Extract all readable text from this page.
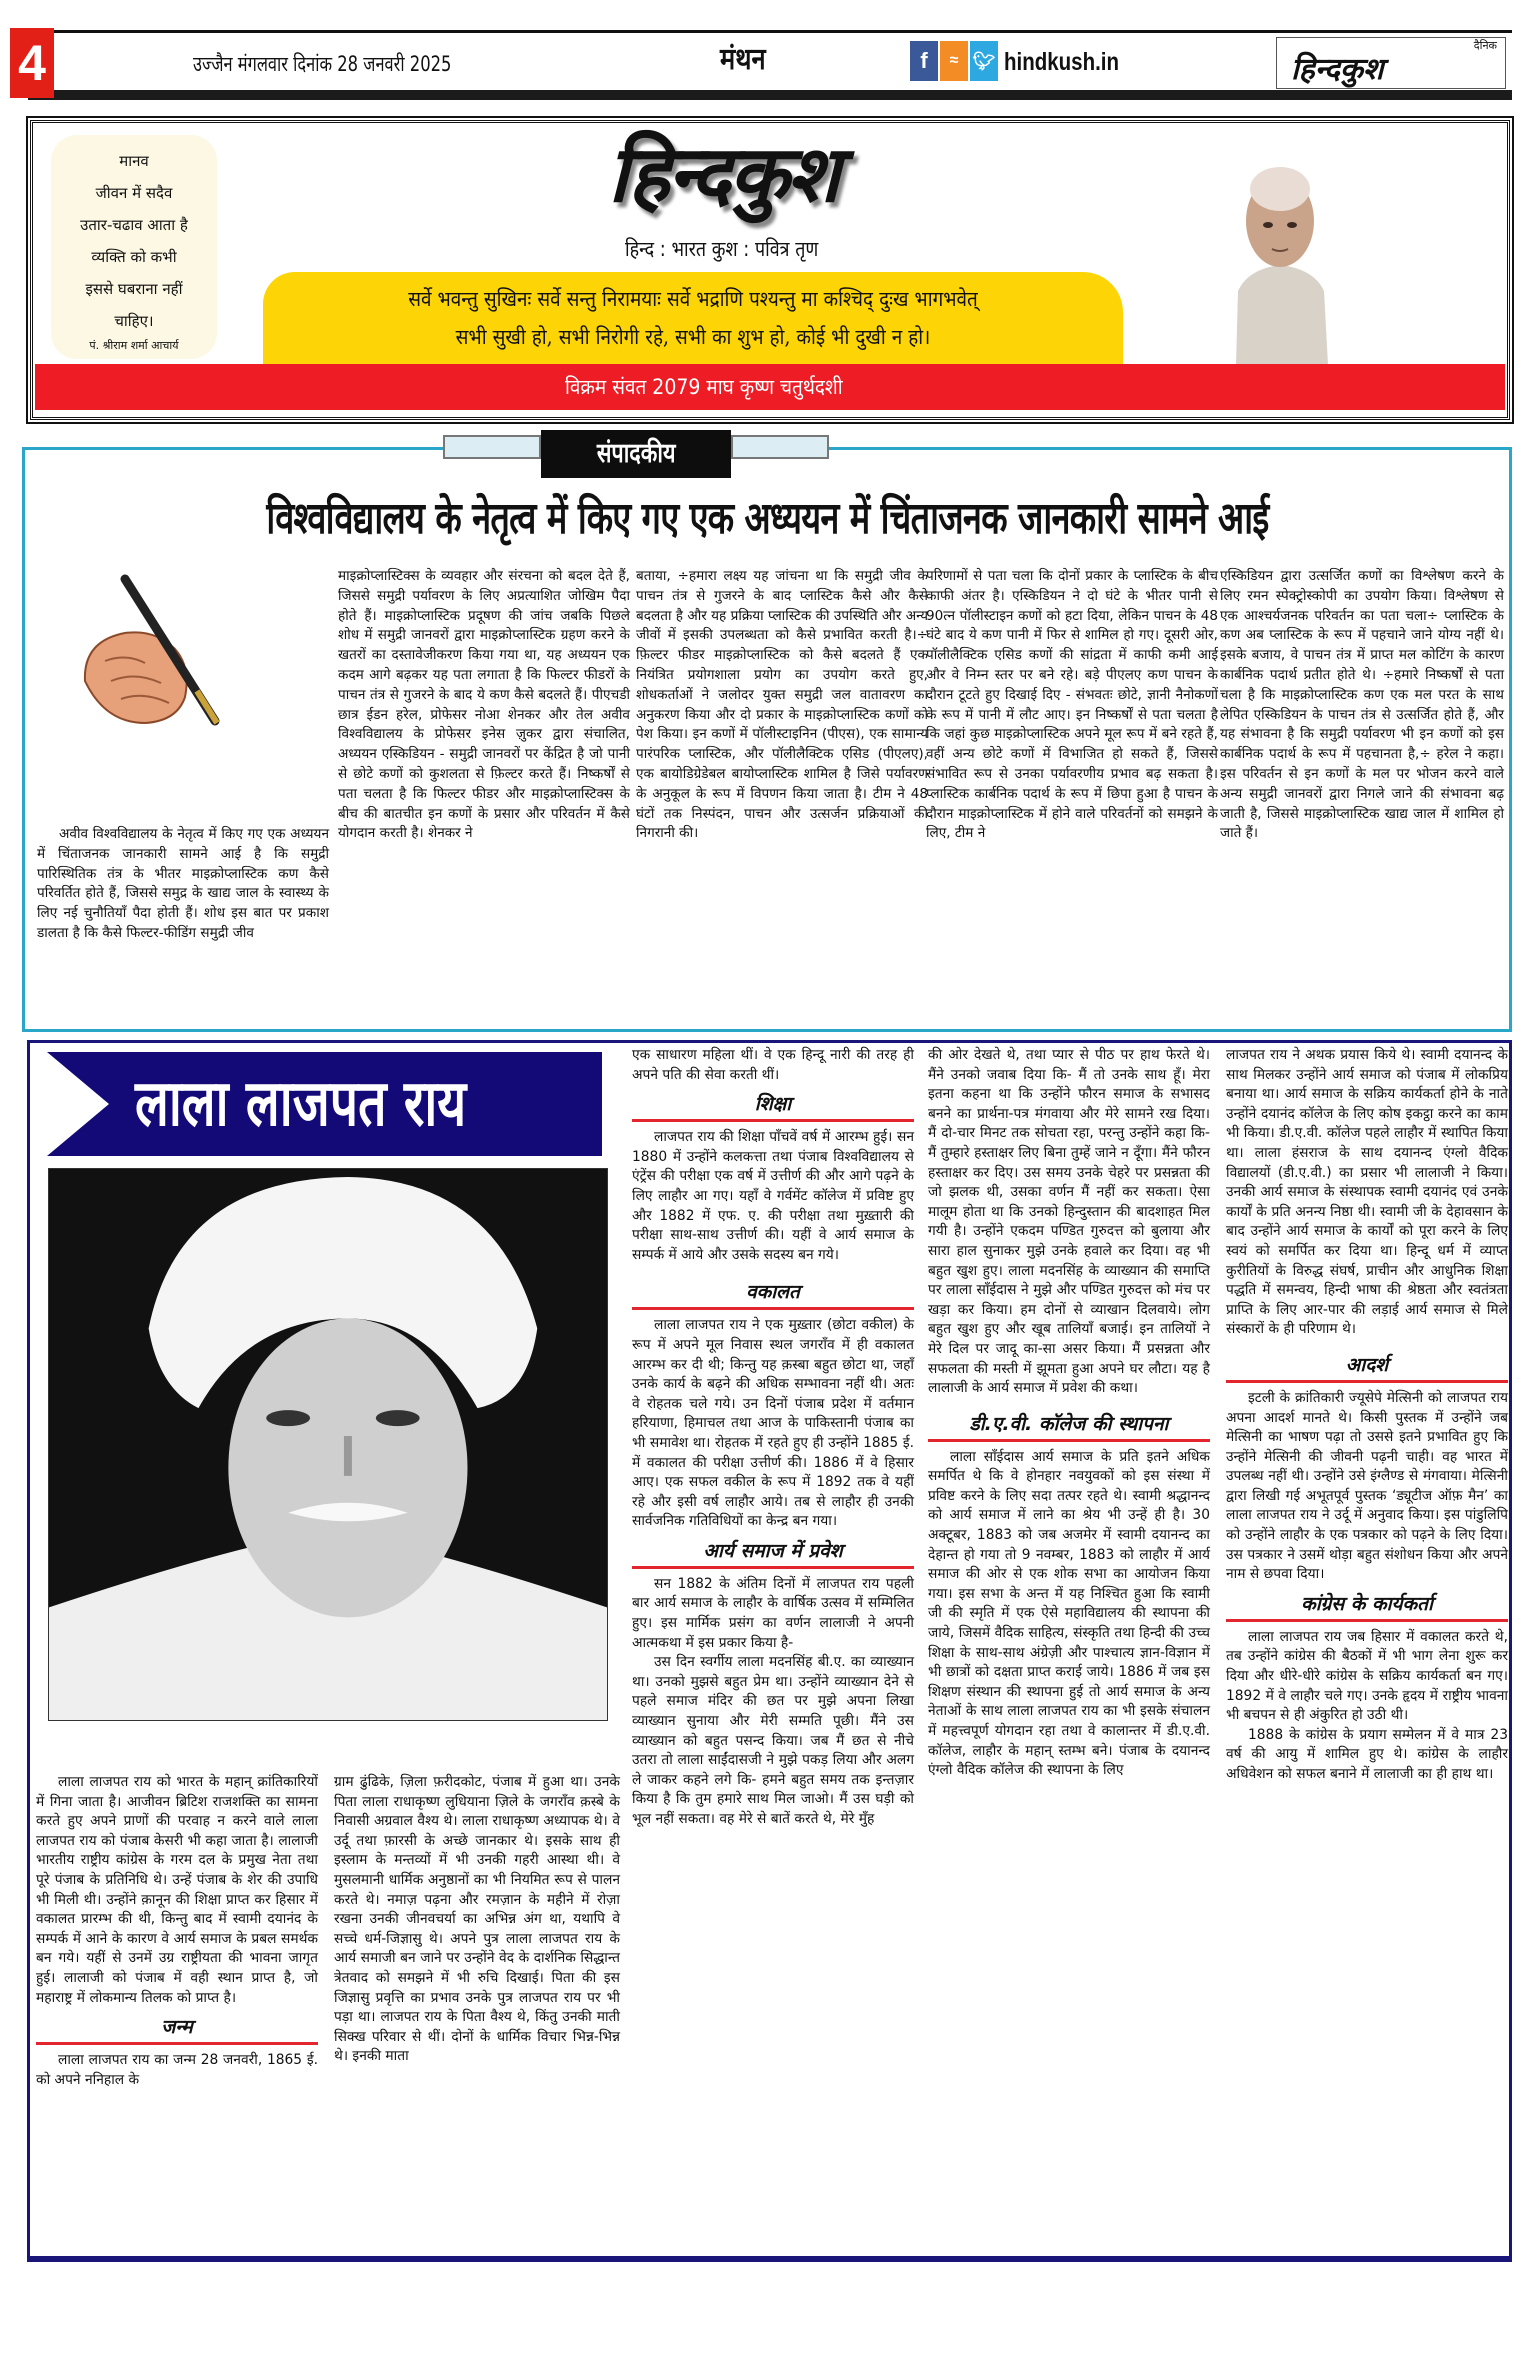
4	उज्जैन मंगलवार दिनांक 28 जनवरी 2025	मंथन	f	≈ 🐦︎ hindkush.in
दैनिक
हिन्दकुश
मानव
जीवन में सदैव
उतार-चढाव आता है
व्यक्ति को कभी
इससे घबराना नहीं
चाहिए।
पं. श्रीराम शर्मा आचार्य
हिन्दकुश
हिन्द : भारत कुश : पवित्र तृण
सर्वे भवन्तु सुखिनः सर्वे सन्तु निरामयाः सर्वे भद्राणि पश्यन्तु मा कश्चिद् दुःख भागभवेत्
सभी सुखी हो, सभी निरोगी रहे, सभी का शुभ हो, कोई भी दुखी न हो।
विक्रम संवत 2079 माघ कृष्ण चतुर्थदशी
संपादकीय
विश्वविद्यालय के नेतृत्व में किए गए एक अध्ययन में चिंताजनक जानकारी सामने आई

अवीव विश्वविद्यालय के नेतृत्व में किए गए एक अध्ययन में चिंताजनक जानकारी सामने आई है कि समुद्री पारिस्थितिक तंत्र के भीतर माइक्रोप्लास्टिक कण कैसे परिवर्तित होते हैं, जिससे समुद्र के खाद्य जाल के स्वास्थ्य के लिए नई चुनौतियाँ पैदा होती हैं। शोध इस बात पर प्रकाश डालता है कि कैसे फिल्टर-फीडिंग समुद्री जीव

माइक्रोप्लास्टिक्स के व्यवहार और संरचना को बदल देते हैं, जिससे समुद्री पर्यावरण के लिए अप्रत्याशित जोखिम पैदा होते हैं। माइक्रोप्लास्टिक प्रदूषण की जांच जबकि पिछले शोध में समुद्री जानवरों द्वारा माइक्रोप्लास्टिक ग्रहण करने के खतरों का दस्तावेजीकरण किया गया था, यह अध्ययन एक कदम आगे बढ़कर यह पता लगाता है कि फिल्टर फीडरों के पाचन तंत्र से गुजरने के बाद ये कण कैसे बदलते हैं। पीएचडी छात्र ईडन हरेल, प्रोफेसर नोआ शेनकर और तेल अवीव विश्वविद्यालय के प्रोफेसर इनेस ज़ुकर द्वारा संचालित, अध्ययन एस्किडियन - समुद्री जानवरों पर केंद्रित है जो पानी से छोटे कणों को कुशलता से फ़िल्टर करते हैं। निष्कर्षों से पता चलता है कि फिल्टर फीडर और माइक्रोप्लास्टिक्स के बीच की बातचीत इन कणों के प्रसार और परिवर्तन में कैसे योगदान करती है। शेनकर ने

बताया, ÷हमारा लक्ष्य यह जांचना था कि समुद्री जीव के पाचन तंत्र से गुजरने के बाद प्लास्टिक कैसे और कैसे बदलता है और यह प्रक्रिया प्लास्टिक की उपस्थिति और अन्य जीवों में इसकी उपलब्धता को कैसे प्रभावित करती है।÷ फ़िल्टर फीडर माइक्रोप्लास्टिक को कैसे बदलते हैं एक नियंत्रित प्रयोगशाला प्रयोग का उपयोग करते हुए, शोधकर्ताओं ने जलोदर युक्त समुद्री जल वातावरण का अनुकरण किया और दो प्रकार के माइक्रोप्लास्टिक कणों को पेश किया। इन कणों में पॉलीस्टाइनिन (पीएस), एक सामान्य पारंपरिक प्लास्टिक, और पॉलीलैक्टिक एसिड (पीएलए), एक बायोडिग्रेडेबल बायोप्लास्टिक शामिल है जिसे पर्यावरण के अनुकूल के रूप में विपणन किया जाता है। टीम ने 48 घंटों तक निस्पंदन, पाचन और उत्सर्जन प्रक्रियाओं की निगरानी की।

परिणामों से पता चला कि दोनों प्रकार के प्लास्टिक के बीच काफी अंतर है। एस्किडियन ने दो घंटे के भीतर पानी से 90त्न पॉलीस्टाइन कणों को हटा दिया, लेकिन पाचन के 48 घंटे बाद ये कण पानी में फिर से शामिल हो गए। दूसरी ओर, पॉलीलैक्टिक एसिड कणों की सांद्रता में काफी कमी आई और वे निम्न स्तर पर बने रहे। बड़े पीएलए कण पाचन के दौरान टूटते हुए दिखाई दिए - संभवतः छोटे, ज्ञानी नैनोकणों के रूप में पानी में लौट आए। इन निष्कर्षों से पता चलता है कि जहां कुछ माइक्रोप्लास्टिक अपने मूल रूप में बने रहते हैं, वहीं अन्य छोटे कणों में विभाजित हो सकते हैं, जिससे संभावित रूप से उनका पर्यावरणीय प्रभाव बढ़ सकता है। प्लास्टिक कार्बनिक पदार्थ के रूप में छिपा हुआ है पाचन के दौरान माइक्रोप्लास्टिक में होने वाले परिवर्तनों को समझने के लिए, टीम ने

एस्किडियन द्वारा उत्सर्जित कणों का विश्लेषण करने के लिए रमन स्पेक्ट्रोस्कोपी का उपयोग किया। विश्लेषण से एक आश्चर्यजनक परिवर्तन का पता चला÷ प्लास्टिक के कण अब प्लास्टिक के रूप में पहचाने जाने योग्य नहीं थे। इसके बजाय, वे पाचन तंत्र में प्राप्त मल कोटिंग के कारण कार्बनिक पदार्थ प्रतीत होते थे। ÷हमारे निष्कर्षों से पता चला है कि माइक्रोप्लास्टिक कण एक मल परत के साथ लेपित एस्किडियन के पाचन तंत्र से उत्सर्जित होते हैं, और यह संभावना है कि समुद्री पर्यावरण भी इन कणों को इस कार्बनिक पदार्थ के रूप में पहचानता है,÷ हरेल ने कहा। इस परिवर्तन से इन कणों के मल पर भोजन करने वाले अन्य समुद्री जानवरों द्वारा निगले जाने की संभावना बढ़ जाती है, जिससे माइक्रोप्लास्टिक खाद्य जाल में शामिल हो जाते हैं।

लाला लाजपत राय

लाला लाजपत राय को भारत के महान् क्रांतिकारियों में गिना जाता है। आजीवन ब्रिटिश राजशक्ति का सामना करते हुए अपने प्राणों की परवाह न करने वाले लाला लाजपत राय को पंजाब केसरी भी कहा जाता है। लालाजी भारतीय राष्ट्रीय कांग्रेस के गरम दल के प्रमुख नेता तथा पूरे पंजाब के प्रतिनिधि थे। उन्हें पंजाब के शेर की उपाधि भी मिली थी। उन्होंने क़ानून की शिक्षा प्राप्त कर हिसार में वकालत प्रारम्भ की थी, किन्तु बाद में स्वामी दयानंद के सम्पर्क में आने के कारण वे आर्य समाज के प्रबल समर्थक बन गये। यहीं से उनमें उग्र राष्ट्रीयता की भावना जागृत हुई। लालाजी को पंजाब में वही स्थान प्राप्त है, जो महाराष्ट्र में लोकमान्य तिलक को प्राप्त है।

जन्म

लाला लाजपत राय का जन्म 28 जनवरी, 1865 ई. को अपने ननिहाल के

ग्राम ढुंढिके, ज़िला फ़रीदकोट, पंजाब में हुआ था। उनके पिता लाला राधाकृष्ण लुधियाना ज़िले के जगराँव क़स्बे के निवासी अग्रवाल वैश्य थे। लाला राधाकृष्ण अध्यापक थे। वे उर्दू तथा फ़ारसी के अच्छे जानकार थे। इसके साथ ही इस्लाम के मन्तव्यों में भी उनकी गहरी आस्था थी। वे मुसलमानी धार्मिक अनुष्ठानों का भी नियमित रूप से पालन करते थे। नमाज़ पढ़ना और रमज़ान के महीने में रोज़ा रखना उनकी जीनवचर्या का अभिन्न अंग था, यथापि वे सच्चे धर्म-जिज्ञासु थे। अपने पुत्र लाला लाजपत राय के आर्य समाजी बन जाने पर उन्होंने वेद के दार्शनिक सिद्धान्त त्रेतवाद को समझने में भी रुचि दिखाई। पिता की इस जिज्ञासु प्रवृत्ति का प्रभाव उनके पुत्र लाजपत राय पर भी पड़ा था। लाजपत राय के पिता वैश्य थे, किंतु उनकी माती सिक्ख परिवार से थीं। दोनों के धार्मिक विचार भिन्न-भिन्न थे। इनकी माता

एक साधारण महिला थीं। वे एक हिन्दू नारी की तरह ही अपने पति की सेवा करती थीं।

शिक्षा

लाजपत राय की शिक्षा पाँचवें वर्ष में आरम्भ हुई। सन 1880 में उन्होंने कलकत्ता तथा पंजाब विश्वविद्यालय से एंट्रेंस की परीक्षा एक वर्ष में उत्तीर्ण की और आगे पढ़ने के लिए लाहौर आ गए। यहाँ वे गर्वमेंट कॉलेज में प्रविष्ट हुए और 1882 में एफ. ए. की परीक्षा तथा मुख़्तारी की परीक्षा साथ-साथ उत्तीर्ण की। यहीं वे आर्य समाज के सम्पर्क में आये और उसके सदस्य बन गये।

वकालत

लाला लाजपत राय ने एक मुख़्तार (छोटा वकील) के रूप में अपने मूल निवास स्थल जगराँव में ही वकालत आरम्भ कर दी थी; किन्तु यह क़स्बा बहुत छोटा था, जहाँ उनके कार्य के बढ़ने की अधिक सम्भावना नहीं थी। अतः वे रोहतक चले गये। उन दिनों पंजाब प्रदेश में वर्तमान हरियाणा, हिमाचल तथा आज के पाकिस्तानी पंजाब का भी समावेश था। रोहतक में रहते हुए ही उन्होंने 1885 ई. में वकालत की परीक्षा उत्तीर्ण की। 1886 में वे हिसार आए। एक सफल वकील के रूप में 1892 तक वे यहीं रहे और इसी वर्ष लाहौर आये। तब से लाहौर ही उनकी सार्वजनिक गतिविधियों का केन्द्र बन गया।

आर्य समाज में प्रवेश

सन 1882 के अंतिम दिनों में लाजपत राय पहली बार आर्य समाज के लाहौर के वार्षिक उत्सव में सम्मिलित हुए। इस मार्मिक प्रसंग का वर्णन लालाजी ने अपनी आत्मकथा में इस प्रकार किया है-

उस दिन स्वर्गीय लाला मदनसिंह बी.ए. का व्याख्यान था। उनको मुझसे बहुत प्रेम था। उन्होंने व्याख्यान देने से पहले समाज मंदिर की छत पर मुझे अपना लिखा व्याख्यान सुनाया और मेरी सम्मति पूछी। मैंने उस व्याख्यान को बहुत पसन्द किया। जब मैं छत से नीचे उतरा तो लाला साईंदासजी ने मुझे पकड़ लिया और अलग ले जाकर कहने लगे कि- हमने बहुत समय तक इन्तज़ार किया है कि तुम हमारे साथ मिल जाओ। मैं उस घड़ी को भूल नहीं सकता। वह मेरे से बातें करते थे, मेरे मुँह

की ओर देखते थे, तथा प्यार से पीठ पर हाथ फेरते थे। मैंने उनको जवाब दिया कि- मैं तो उनके साथ हूँ। मेरा इतना कहना था कि उन्होंने फौरन समाज के सभासद बनने का प्रार्थना-पत्र मंगवाया और मेरे सामने रख दिया। मैं दो-चार मिनट तक सोचता रहा, परन्तु उन्होंने कहा कि- मैं तुम्हारे हस्ताक्षर लिए बिना तुम्हें जाने न दूँगा। मैंने फौरन हस्ताक्षर कर दिए। उस समय उनके चेहरे पर प्रसन्नता की जो झलक थी, उसका वर्णन मैं नहीं कर सकता। ऐसा मालूम होता था कि उनको हिन्दुस्तान की बादशाहत मिल गयी है। उन्होंने एकदम पण्डित गुरुदत्त को बुलाया और सारा हाल सुनाकर मुझे उनके हवाले कर दिया। वह भी बहुत खुश हुए। लाला मदनसिंह के व्याख्यान की समाप्ति पर लाला साँईदास ने मुझे और पण्डित गुरुदत्त को मंच पर खड़ा कर किया। हम दोनों से व्याखान दिलवाये। लोग बहुत खुश हुए और खूब तालियाँ बजाई। इन तालियों ने मेरे दिल पर जादू का-सा असर किया। मैं प्रसन्नता और सफलता की मस्ती में झूमता हुआ अपने घर लौटा। यह है लालाजी के आर्य समाज में प्रवेश की कथा।

डी.ए.वी. कॉलेज की स्थापना

लाला साँईदास आर्य समाज के प्रति इतने अधिक समर्पित थे कि वे होनहार नवयुवकों को इस संस्था में प्रविष्ट करने के लिए सदा तत्पर रहते थे। स्वामी श्रद्धानन्द को आर्य समाज में लाने का श्रेय भी उन्हें ही है। 30 अक्टूबर, 1883 को जब अजमेर में स्वामी दयानन्द का देहान्त हो गया तो 9 नवम्बर, 1883 को लाहौर में आर्य समाज की ओर से एक शोक सभा का आयोजन किया गया। इस सभा के अन्त में यह निश्चित हुआ कि स्वामी जी की स्मृति में एक ऐसे महाविद्यालय की स्थापना की जाये, जिसमें वैदिक साहित्य, संस्कृति तथा हिन्दी की उच्च शिक्षा के साथ-साथ अंग्रेज़ी और पाश्चात्य ज्ञान-विज्ञान में भी छात्रों को दक्षता प्राप्त कराई जाये। 1886 में जब इस शिक्षण संस्थान की स्थापना हुई तो आर्य समाज के अन्य नेताओं के साथ लाला लाजपत राय का भी इसके संचालन में महत्त्वपूर्ण योगदान रहा तथा वे कालान्तर में डी.ए.वी. कॉलेज, लाहौर के महान् स्तम्भ बने। पंजाब के दयानन्द एंग्लो वैदिक कॉलेज की स्थापना के लिए

लाजपत राय ने अथक प्रयास किये थे। स्वामी दयानन्द के साथ मिलकर उन्होंने आर्य समाज को पंजाब में लोकप्रिय बनाया था। आर्य समाज के सक्रिय कार्यकर्ता होने के नाते उन्होंने दयानंद कॉलेज के लिए कोष इकट्ठा करने का काम भी किया। डी.ए.वी. कॉलेज पहले लाहौर में स्थापित किया था। लाला हंसराज के साथ दयानन्द एंग्लो वैदिक विद्यालयों (डी.ए.वी.) का प्रसार भी लालाजी ने किया। उनकी आर्य समाज के संस्थापक स्वामी दयानंद एवं उनके कार्यों के प्रति अनन्य निष्ठा थी। स्वामी जी के देहावसान के बाद उन्होंने आर्य समाज के कार्यों को पूरा करने के लिए स्वयं को समर्पित कर दिया था। हिन्दू धर्म में व्याप्त कुरीतियों के विरुद्ध संघर्ष, प्राचीन और आधुनिक शिक्षा पद्धति में समन्वय, हिन्दी भाषा की श्रेष्ठता और स्वतंत्रता प्राप्ति के लिए आर-पार की लड़ाई आर्य समाज से मिले संस्कारों के ही परिणाम थे।

आदर्श

इटली के क्रांतिकारी ज्यूसेपे मेत्सिनी को लाजपत राय अपना आदर्श मानते थे। किसी पुस्तक में उन्होंने जब मेत्सिनी का भाषण पढ़ा तो उससे इतने प्रभावित हुए कि उन्होंने मेत्सिनी की जीवनी पढ़नी चाही। वह भारत में उपलब्ध नहीं थी। उन्होंने उसे इंग्लैण्ड से मंगवाया। मेत्सिनी द्वारा लिखी गई अभूतपूर्व पुस्तक ‘ड्यूटीज ऑफ़ मैन’ का लाला लाजपत राय ने उर्दू में अनुवाद किया। इस पांडुलिपि को उन्होंने लाहौर के एक पत्रकार को पढ़ने के लिए दिया। उस पत्रकार ने उसमें थोड़ा बहुत संशोधन किया और अपने नाम से छपवा दिया।

कांग्रेस के कार्यकर्ता

लाला लाजपत राय जब हिसार में वकालत करते थे, तब उन्होंने कांग्रेस की बैठकों में भी भाग लेना शुरू कर दिया और धीरे-धीरे कांग्रेस के सक्रिय कार्यकर्ता बन गए। 1892 में वे लाहौर चले गए। उनके हृदय में राष्ट्रीय भावना भी बचपन से ही अंकुरित हो उठी थी।

1888 के कांग्रेस के प्रयाग सम्मेलन में वे मात्र 23 वर्ष की आयु में शामिल हुए थे। कांग्रेस के लाहौर अधिवेशन को सफल बनाने में लालाजी का ही हाथ था।
